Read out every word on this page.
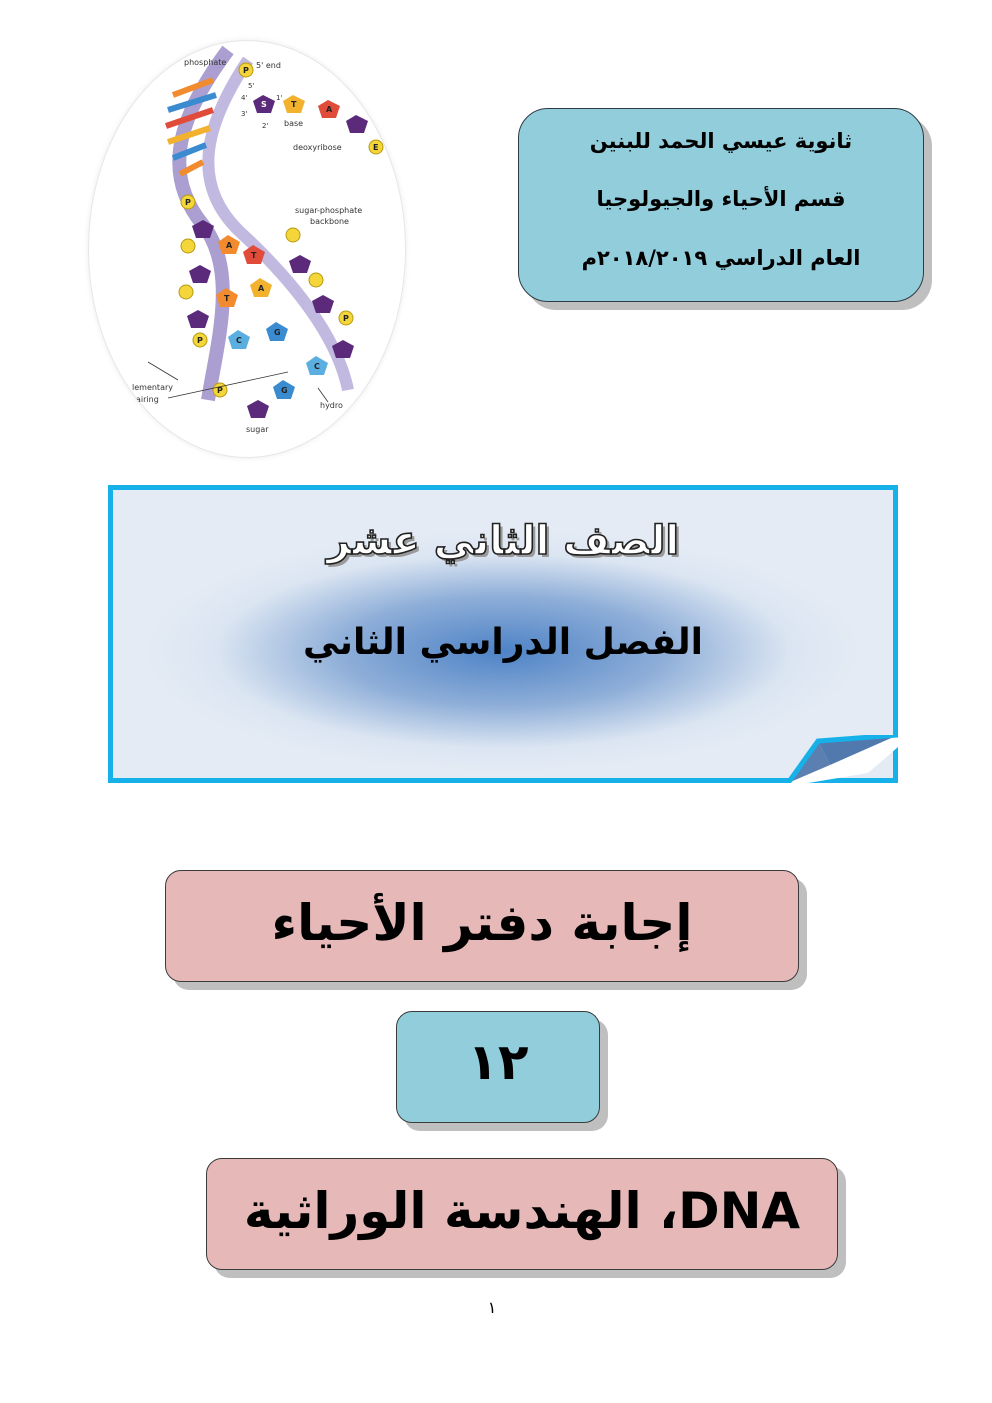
phosphate	5' end
base
deoxyribose
sugar-phosphate
backbone
lementary
airing
hydro
sugar
5'
4'
3'
2'
1'
P
S	T
A
E
A
T
T
A
C
G
G
C
P
P
P
P
ثانوية عيسي الحمد للبنين
قسم الأحياء والجيولوجيا
العام الدراسي ٢٠١٨/٢٠١٩م
الصف الثاني عشر
الفصل الدراسي الثاني
إجابة دفتر الأحياء
١٢
DNA، الهندسة الوراثية
١
